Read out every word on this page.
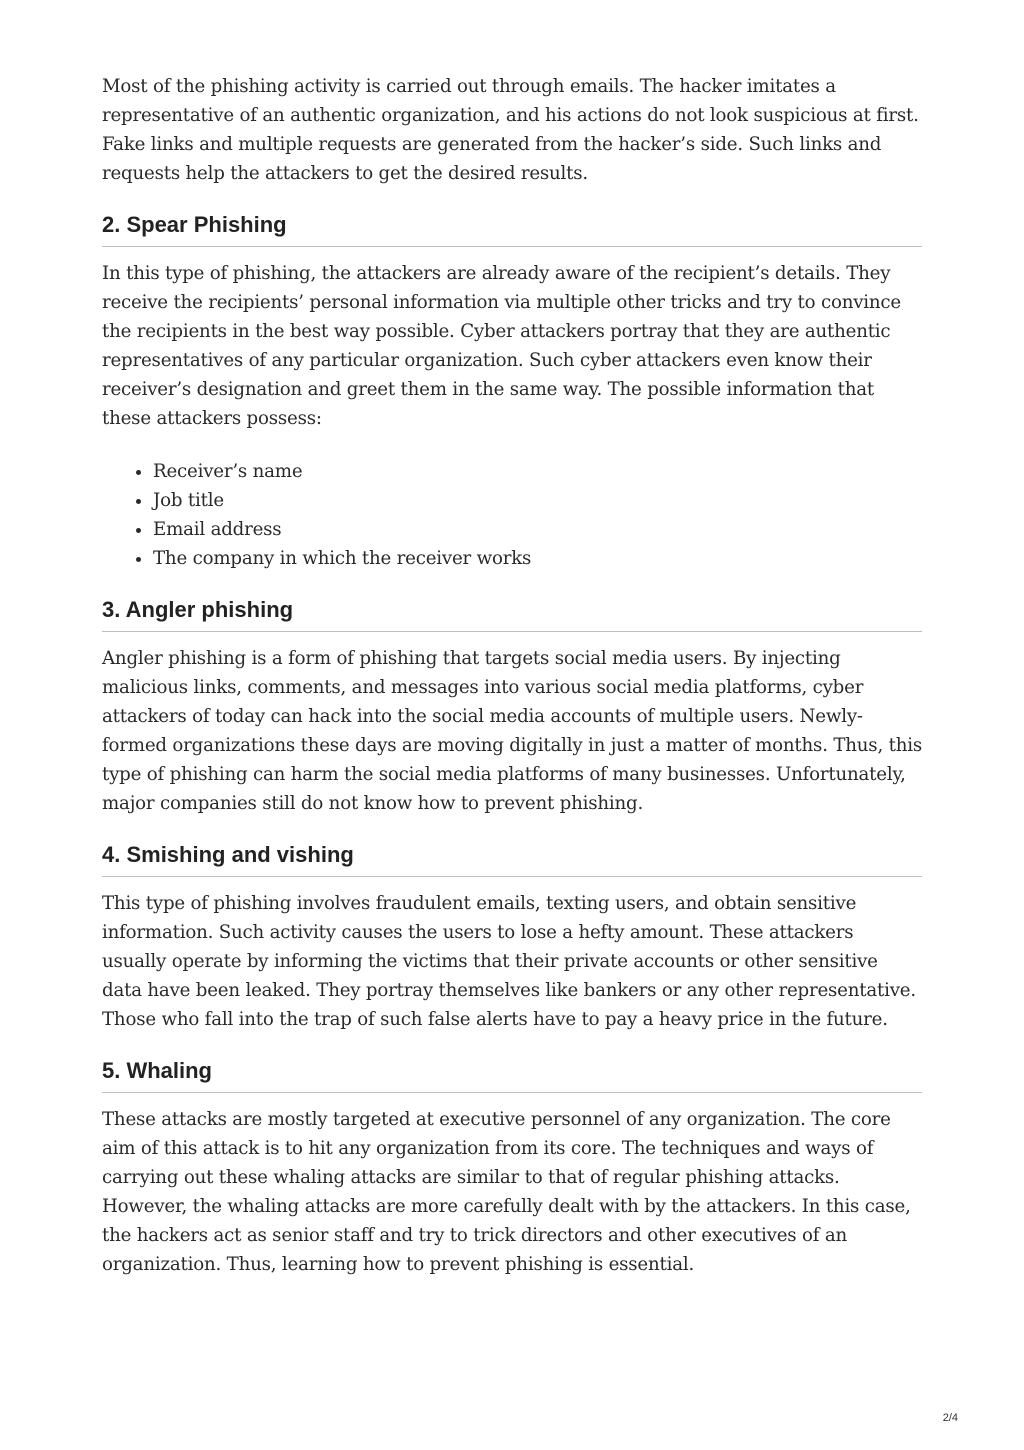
Most of the phishing activity is carried out through emails. The hacker imitates a representative of an authentic organization, and his actions do not look suspicious at first. Fake links and multiple requests are generated from the hacker’s side. Such links and requests help the attackers to get the desired results.

2. Spear Phishing

In this type of phishing, the attackers are already aware of the recipient’s details. They receive the recipients’ personal information via multiple other tricks and try to convince the recipients in the best way possible. Cyber attackers portray that they are authentic representatives of any particular organization. Such cyber attackers even know their receiver’s designation and greet them in the same way. The possible information that these attackers possess:

• Receiver’s name
• Job title
• Email address
• The company in which the receiver works
3. Angler phishing

Angler phishing is a form of phishing that targets social media users. By injecting malicious links, comments, and messages into various social media platforms, cyber attackers of today can hack into the social media accounts of multiple users. Newly-formed organizations these days are moving digitally in just a matter of months. Thus, this type of phishing can harm the social media platforms of many businesses. Unfortunately, major companies still do not know how to prevent phishing.

4. Smishing and vishing

This type of phishing involves fraudulent emails, texting users, and obtain sensitive information. Such activity causes the users to lose a hefty amount. These attackers usually operate by informing the victims that their private accounts or other sensitive data have been leaked. They portray themselves like bankers or any other representative. Those who fall into the trap of such false alerts have to pay a heavy price in the future.

5. Whaling

These attacks are mostly targeted at executive personnel of any organization. The core aim of this attack is to hit any organization from its core. The techniques and ways of carrying out these whaling attacks are similar to that of regular phishing attacks. However, the whaling attacks are more carefully dealt with by the attackers. In this case, the hackers act as senior staff and try to trick directors and other executives of an organization. Thus, learning how to prevent phishing is essential.

2/4
